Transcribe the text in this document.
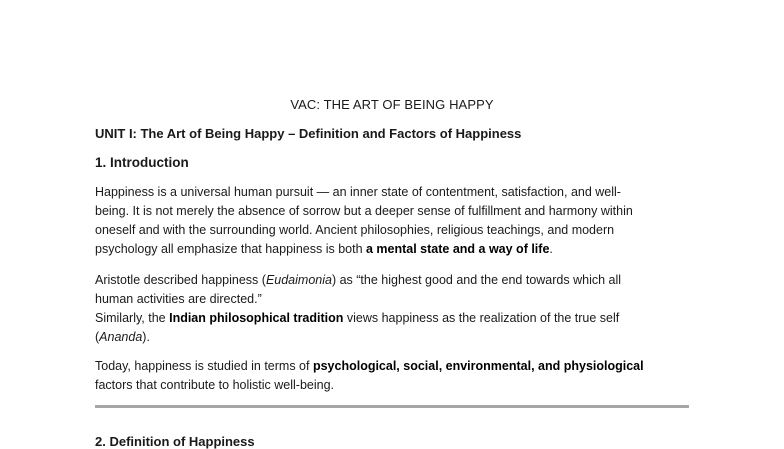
VAC: THE ART OF BEING HAPPY
UNIT I: The Art of Being Happy – Definition and Factors of Happiness
1. Introduction

Happiness is a universal human pursuit — an inner state of contentment, satisfaction, and well-
being. It is not merely the absence of sorrow but a deeper sense of fulfillment and harmony within
oneself and with the surrounding world. Ancient philosophies, religious teachings, and modern
psychology all emphasize that happiness is both a mental state and a way of life.

Aristotle described happiness (Eudaimonia) as “the highest good and the end towards which all
human activities are directed.”
Similarly, the Indian philosophical tradition views happiness as the realization of the true self
(Ananda).

Today, happiness is studied in terms of psychological, social, environmental, and physiological
factors that contribute to holistic well-being.

2. Definition of Happiness
